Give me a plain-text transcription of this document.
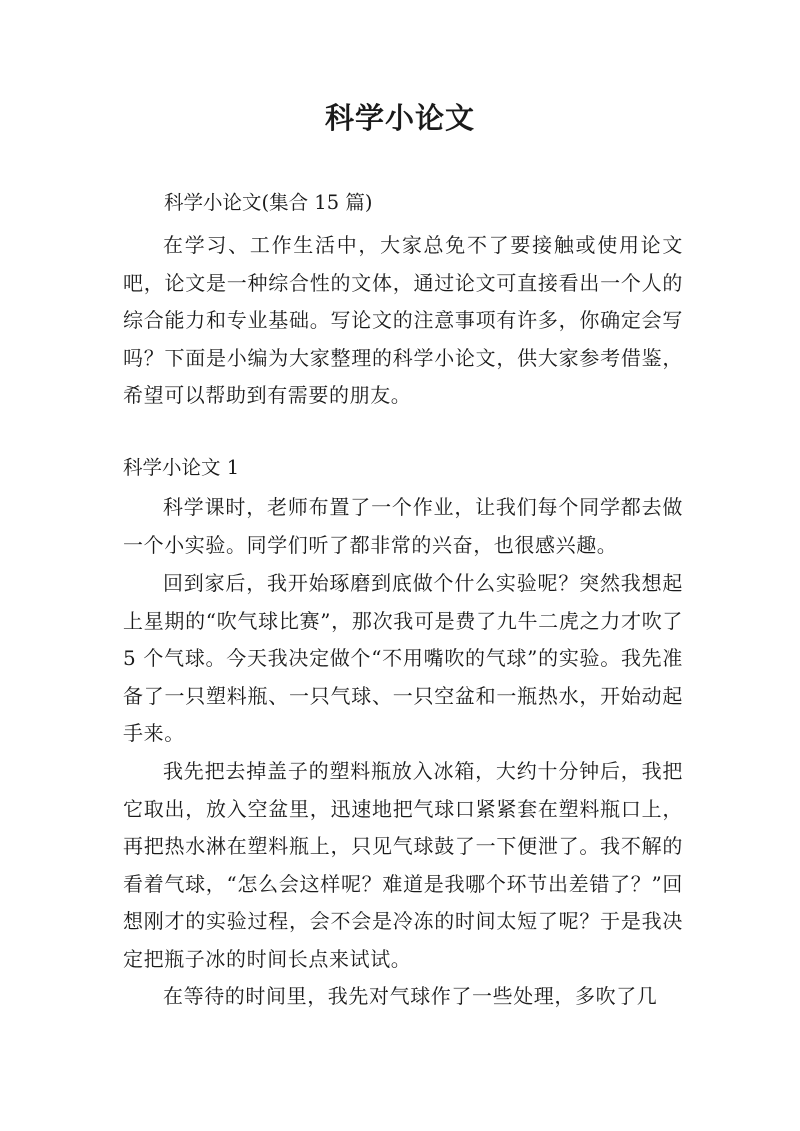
科学小论文
科学小论文(集合 15 篇)
在学习、工作生活中，大家总免不了要接触或使用论文吧，论文是一种综合性的文体，通过论文可直接看出一个人的综合能力和专业基础。写论文的注意事项有许多，你确定会写吗？下面是小编为大家整理的科学小论文，供大家参考借鉴，希望可以帮助到有需要的朋友。
科学小论文 1
科学课时，老师布置了一个作业，让我们每个同学都去做一个小实验。同学们听了都非常的兴奋，也很感兴趣。
回到家后，我开始琢磨到底做个什么实验呢？突然我想起上星期的“吹气球比赛”，那次我可是费了九牛二虎之力才吹了 5 个气球。今天我决定做个“不用嘴吹的气球”的实验。我先准备了一只塑料瓶、一只气球、一只空盆和一瓶热水，开始动起手来。
我先把去掉盖子的塑料瓶放入冰箱，大约十分钟后，我把它取出，放入空盆里，迅速地把气球口紧紧套在塑料瓶口上，再把热水淋在塑料瓶上，只见气球鼓了一下便泄了。我不解的看着气球，“怎么会这样呢？难道是我哪个环节出差错了？”回想刚才的实验过程，会不会是冷冻的时间太短了呢？于是我决定把瓶子冰的时间长点来试试。
在等待的时间里，我先对气球作了一些处理，多吹了几
